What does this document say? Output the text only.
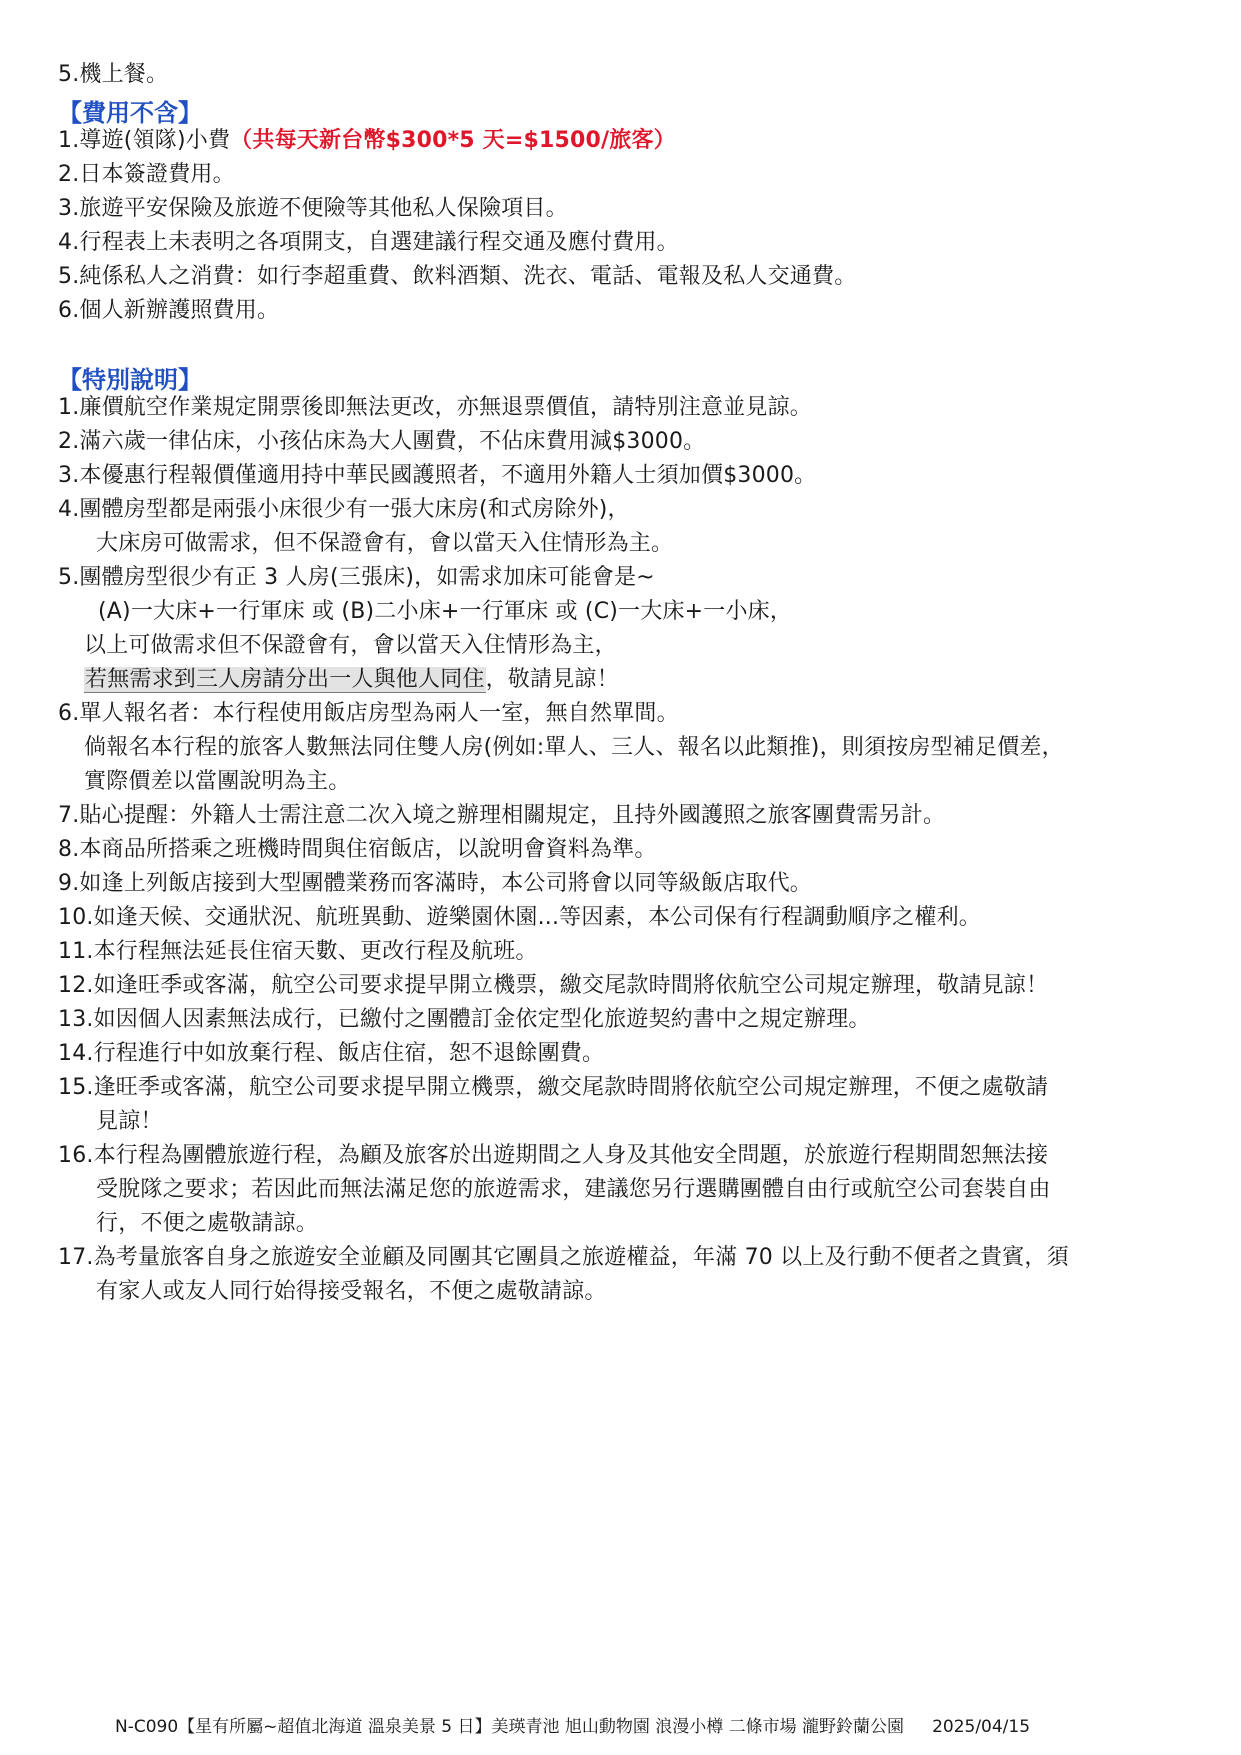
5.機上餐。
【費用不含】
1.導遊(領隊)小費（共每天新台幣$300*5 天=$1500/旅客）
2.日本簽證費用。
3.旅遊平安保險及旅遊不便險等其他私人保險項目。
4.行程表上未表明之各項開支，自選建議行程交通及應付費用。
5.純係私人之消費：如行李超重費、飲料酒類、洗衣、電話、電報及私人交通費。
6.個人新辦護照費用。
【特別說明】
1.廉價航空作業規定開票後即無法更改，亦無退票價值，請特別注意並見諒。
2.滿六歲一律佔床，小孩佔床為大人團費，不佔床費用減$3000。
3.本優惠行程報價僅適用持中華民國護照者，不適用外籍人士須加價$3000。
4.團體房型都是兩張小床很少有一張大床房(和式房除外)，
大床房可做需求，但不保證會有，會以當天入住情形為主。
5.團體房型很少有正 3 人房(三張床)，如需求加床可能會是~
(A)一大床+一行軍床 或 (B)二小床+一行軍床 或 (C)一大床+一小床，
以上可做需求但不保證會有，會以當天入住情形為主，
若無需求到三人房請分出一人與他人同住，敬請見諒！
6.單人報名者：本行程使用飯店房型為兩人一室，無自然單間。
倘報名本行程的旅客人數無法同住雙人房(例如:單人、三人、報名以此類推)，則須按房型補足價差，
實際價差以當團說明為主。
7.貼心提醒：外籍人士需注意二次入境之辦理相關規定，且持外國護照之旅客團費需另計。
8.本商品所搭乘之班機時間與住宿飯店，以說明會資料為準。
9.如逢上列飯店接到大型團體業務而客滿時，本公司將會以同等級飯店取代。
10.如逢天候、交通狀況、航班異動、遊樂園休園...等因素，本公司保有行程調動順序之權利。
11.本行程無法延長住宿天數、更改行程及航班。
12.如逢旺季或客滿，航空公司要求提早開立機票，繳交尾款時間將依航空公司規定辦理，敬請見諒！
13.如因個人因素無法成行，已繳付之團體訂金依定型化旅遊契約書中之規定辦理。
14.行程進行中如放棄行程、飯店住宿，恕不退餘團費。
15.逢旺季或客滿，航空公司要求提早開立機票，繳交尾款時間將依航空公司規定辦理，不便之處敬請
見諒！
16.本行程為團體旅遊行程，為顧及旅客於出遊期間之人身及其他安全問題，於旅遊行程期間恕無法接
受脫隊之要求；若因此而無法滿足您的旅遊需求，建議您另行選購團體自由行或航空公司套裝自由
行，不便之處敬請諒。
17.為考量旅客自身之旅遊安全並顧及同團其它團員之旅遊權益，年滿 70 以上及行動不便者之貴賓，須
有家人或友人同行始得接受報名，不便之處敬請諒。
N-C090【星有所屬~超值北海道 溫泉美景 5 日】美瑛青池 旭山動物園 浪漫小樽 二條市場 瀧野鈴蘭公園 2025/04/15
